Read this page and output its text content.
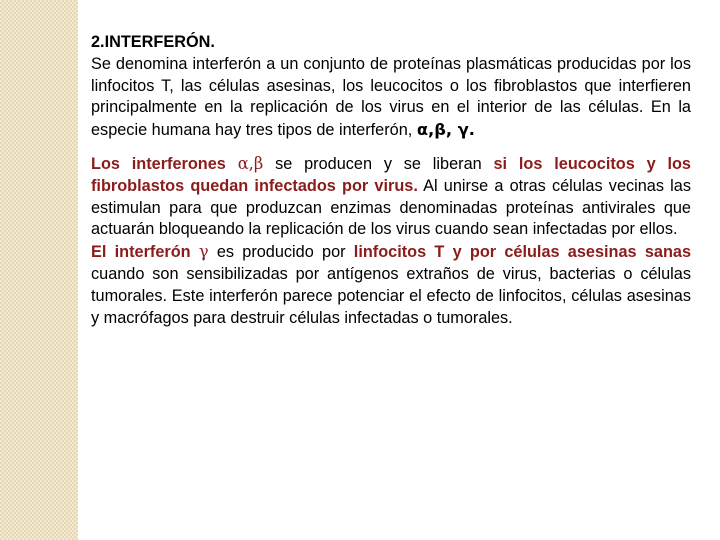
2.INTERFERÓN.

Se denomina interferón a un conjunto de proteínas plasmáticas producidas por los linfocitos T, las células asesinas, los leucocitos o los fibroblastos que interfieren principalmente en la replicación de los virus en el interior de las células. En la especie humana hay tres tipos de interferón, α,β, γ.

Los interferones α,β se producen y se liberan si los leucocitos y los fibroblastos quedan infectados por virus. Al unirse a otras células vecinas las estimulan para que produzcan enzimas denominadas proteínas antivirales que actuarán bloqueando la replicación de los virus cuando sean infectadas por ellos.

El interferón γ es producido por linfocitos T y por células asesinas sanas cuando son sensibilizadas por antígenos extraños de virus, bacterias o células tumorales. Este interferón parece potenciar el efecto de linfocitos, células asesinas y macrófagos para destruir células infectadas o tumorales.
